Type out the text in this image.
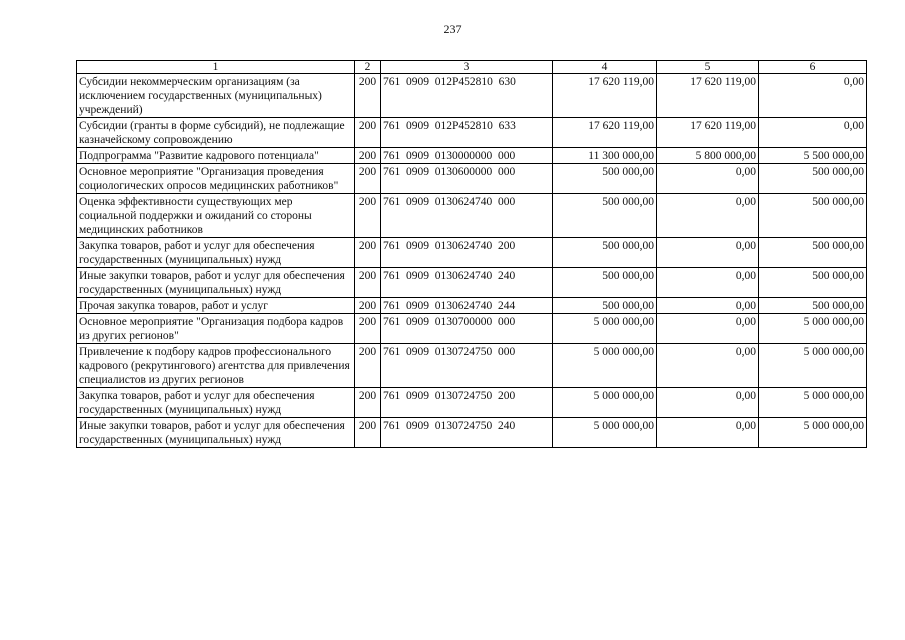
237
1	2	3	4	5	6
Субсидии некоммерческим организациям (за исключением государственных (муниципальных) учреждений)	200	761  0909  012P452810  630	17 620 119,00	17 620 119,00	0,00
Субсидии (гранты в форме субсидий), не подлежащие казначейскому сопровождению	200	761  0909  012P452810  633	17 620 119,00	17 620 119,00	0,00
Подпрограмма "Развитие кадрового потенциала"	200	761  0909  0130000000  000	11 300 000,00	5 800 000,00	5 500 000,00
Основное мероприятие "Организация проведения социологических опросов медицинских работников"	200	761  0909  0130600000  000	500 000,00	0,00	500 000,00
Оценка эффективности существующих мер социальной поддержки и ожиданий со стороны медицинских работников	200	761  0909  0130624740  000	500 000,00	0,00	500 000,00
Закупка товаров, работ и услуг для обеспечения государственных (муниципальных) нужд	200	761  0909  0130624740  200	500 000,00	0,00	500 000,00
Иные закупки товаров, работ и услуг для обеспечения государственных (муниципальных) нужд	200	761  0909  0130624740  240	500 000,00	0,00	500 000,00
Прочая закупка товаров, работ и услуг	200	761  0909  0130624740  244	500 000,00	0,00	500 000,00
Основное мероприятие "Организация подбора кадров из других регионов"	200	761  0909  0130700000  000	5 000 000,00	0,00	5 000 000,00
Привлечение к подбору кадров профессионального кадрового (рекрутингового) агентства для привлечения специалистов из других регионов	200	761  0909  0130724750  000	5 000 000,00	0,00	5 000 000,00
Закупка товаров, работ и услуг для обеспечения государственных (муниципальных) нужд	200	761  0909  0130724750  200	5 000 000,00	0,00	5 000 000,00
Иные закупки товаров, работ и услуг для обеспечения государственных (муниципальных) нужд	200	761  0909  0130724750  240	5 000 000,00	0,00	5 000 000,00
